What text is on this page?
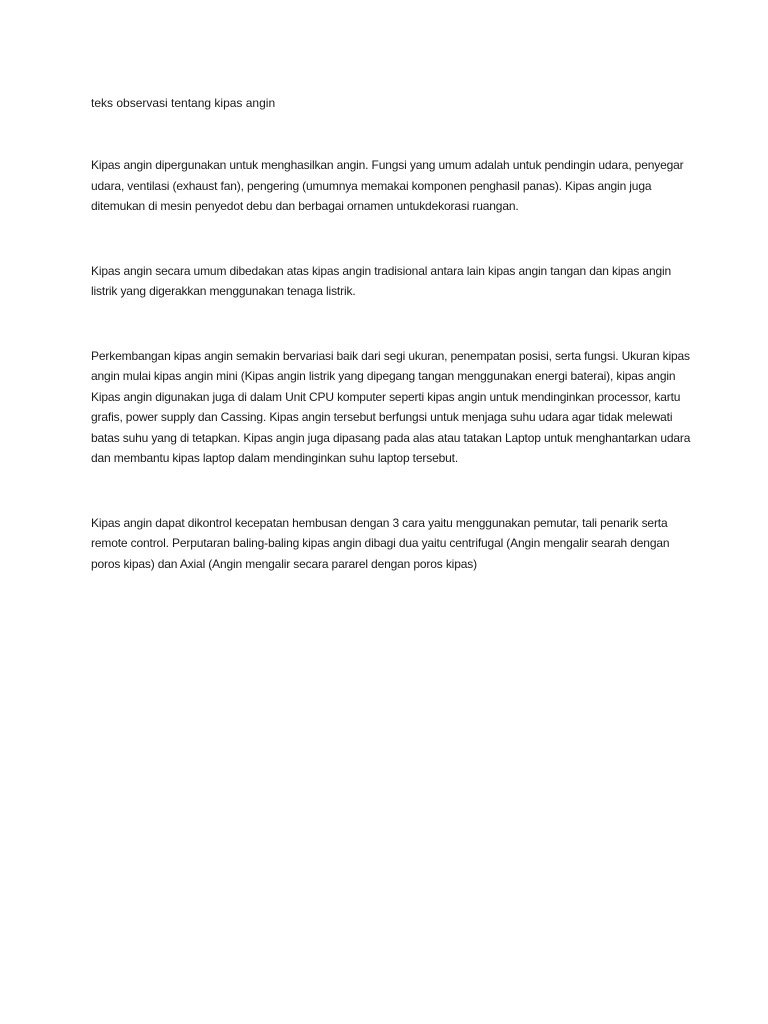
teks observasi tentang kipas angin

Kipas angin dipergunakan untuk menghasilkan angin. Fungsi yang umum adalah untuk pendingin udara, penyegar udara, ventilasi (exhaust fan), pengering (umumnya memakai komponen penghasil panas). Kipas angin juga ditemukan di mesin penyedot debu dan berbagai ornamen untukdekorasi ruangan.

Kipas angin secara umum dibedakan atas kipas angin tradisional antara lain kipas angin tangan dan kipas angin listrik yang digerakkan menggunakan tenaga listrik.

Perkembangan kipas angin semakin bervariasi baik dari segi ukuran, penempatan posisi, serta fungsi. Ukuran kipas angin mulai kipas angin mini (Kipas angin listrik yang dipegang tangan menggunakan energi baterai), kipas angin Kipas angin digunakan juga di dalam Unit CPU komputer seperti kipas angin untuk mendinginkan processor, kartu grafis, power supply dan Cassing. Kipas angin tersebut berfungsi untuk menjaga suhu udara agar tidak melewati batas suhu yang di tetapkan. Kipas angin juga dipasang pada alas atau tatakan Laptop untuk menghantarkan udara dan membantu kipas laptop dalam mendinginkan suhu laptop tersebut.

Kipas angin dapat dikontrol kecepatan hembusan dengan 3 cara yaitu menggunakan pemutar, tali penarik serta remote control. Perputaran baling-baling kipas angin dibagi dua yaitu centrifugal (Angin mengalir searah dengan poros kipas) dan Axial (Angin mengalir secara pararel dengan poros kipas)
